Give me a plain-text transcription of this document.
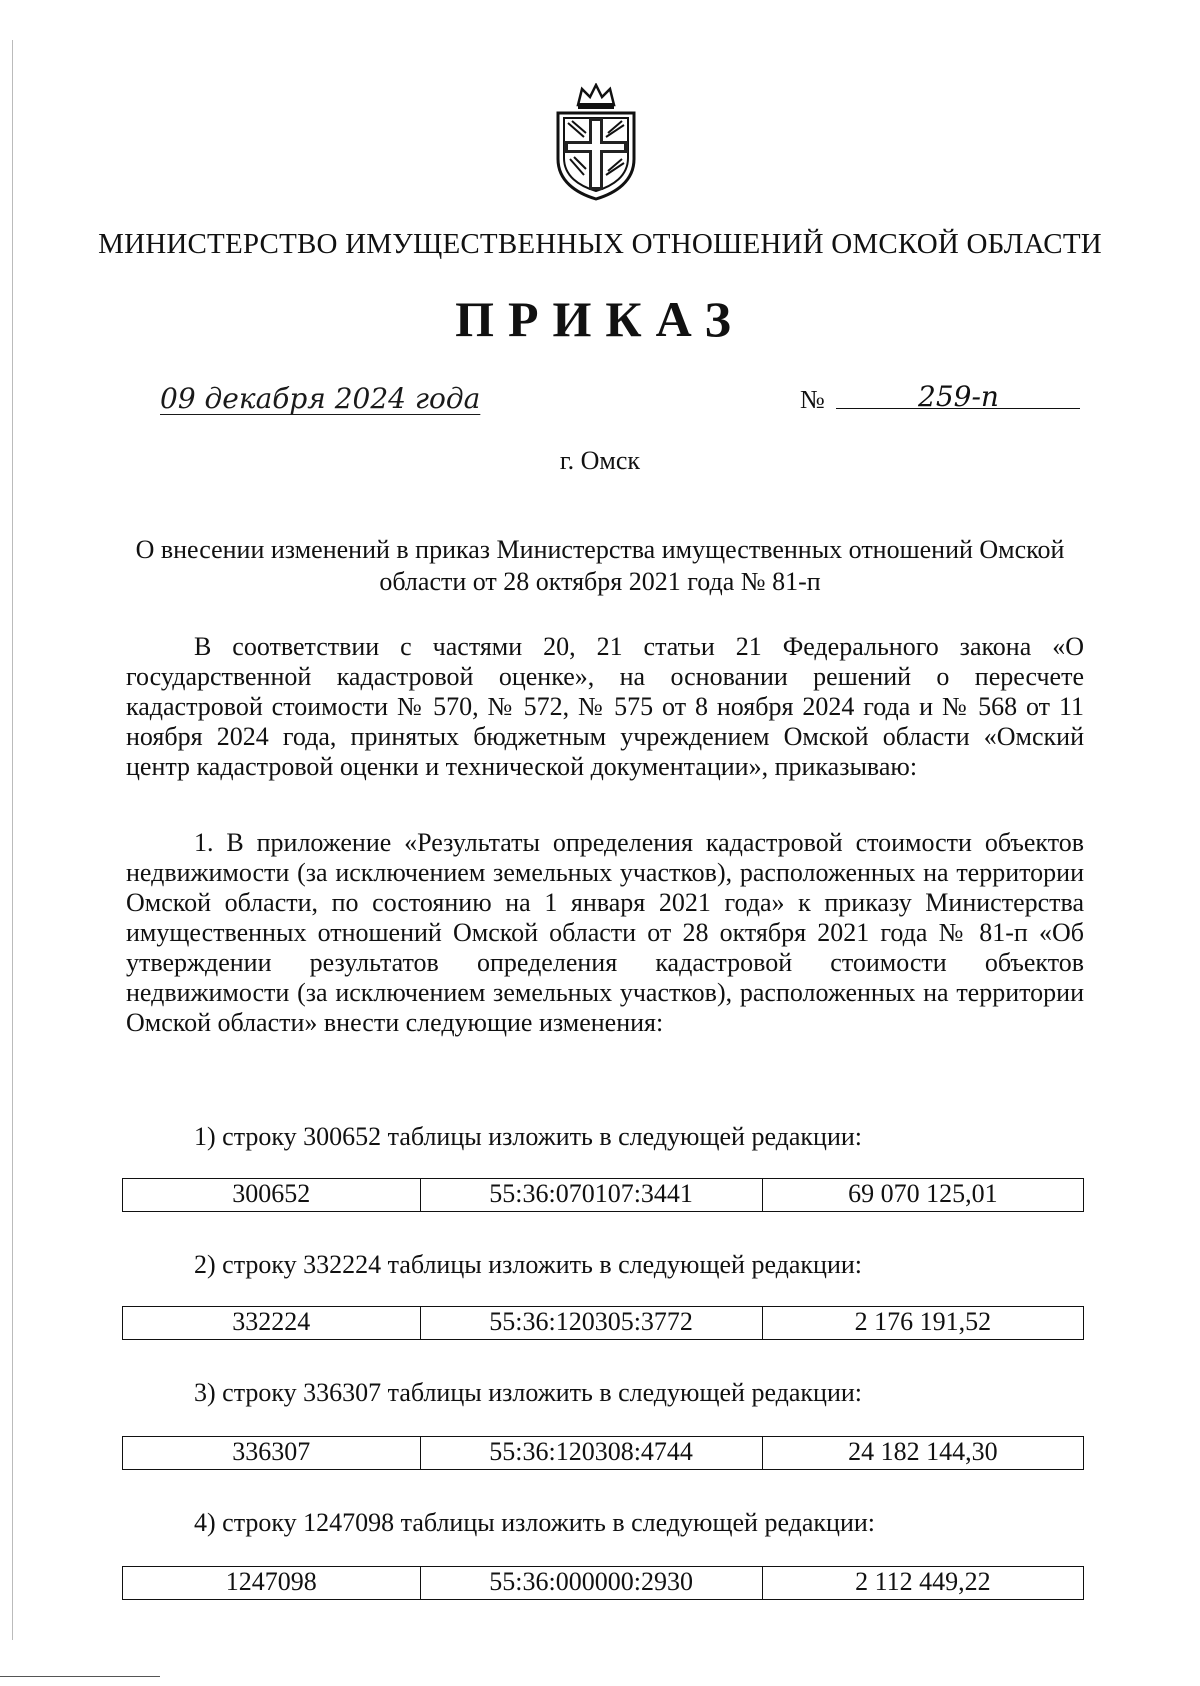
МИНИСТЕРСТВО ИМУЩЕСТВЕННЫХ ОТНОШЕНИЙ ОМСКОЙ ОБЛАСТИ
ПРИКАЗ
09 декабря 2024 года	№	259-п
г. Омск
О внесении изменений в приказ Министерства имущественных отношений Омской области от 28 октября 2021 года № 81-п
В соответствии с частями 20, 21 статьи 21 Федерального закона «О государственной кадастровой оценке», на основании решений о пересчете кадастровой стоимости № 570, № 572, № 575 от 8 ноября 2024 года и № 568 от 11 ноября 2024 года, принятых бюджетным учреждением Омской области «Омский центр кадастровой оценки и технической документации», приказываю:
1. В приложение «Результаты определения кадастровой стоимости объектов недвижимости (за исключением земельных участков), расположенных на территории Омской области, по состоянию на 1 января 2021 года» к приказу Министерства имущественных отношений Омской области от 28 октября 2021 года № 81-п «Об утверждении результатов определения кадастровой стоимости объектов недвижимости (за исключением земельных участков), расположенных на территории Омской области» внести следующие изменения:
1) строку 300652 таблицы изложить в следующей редакции:
300652	55:36:070107:3441	69 070 125,01
2) строку 332224 таблицы изложить в следующей редакции:
332224	55:36:120305:3772	2 176 191,52
3) строку 336307 таблицы изложить в следующей редакции:
336307	55:36:120308:4744	24 182 144,30
4) строку 1247098 таблицы изложить в следующей редакции:
1247098	55:36:000000:2930	2 112 449,22
